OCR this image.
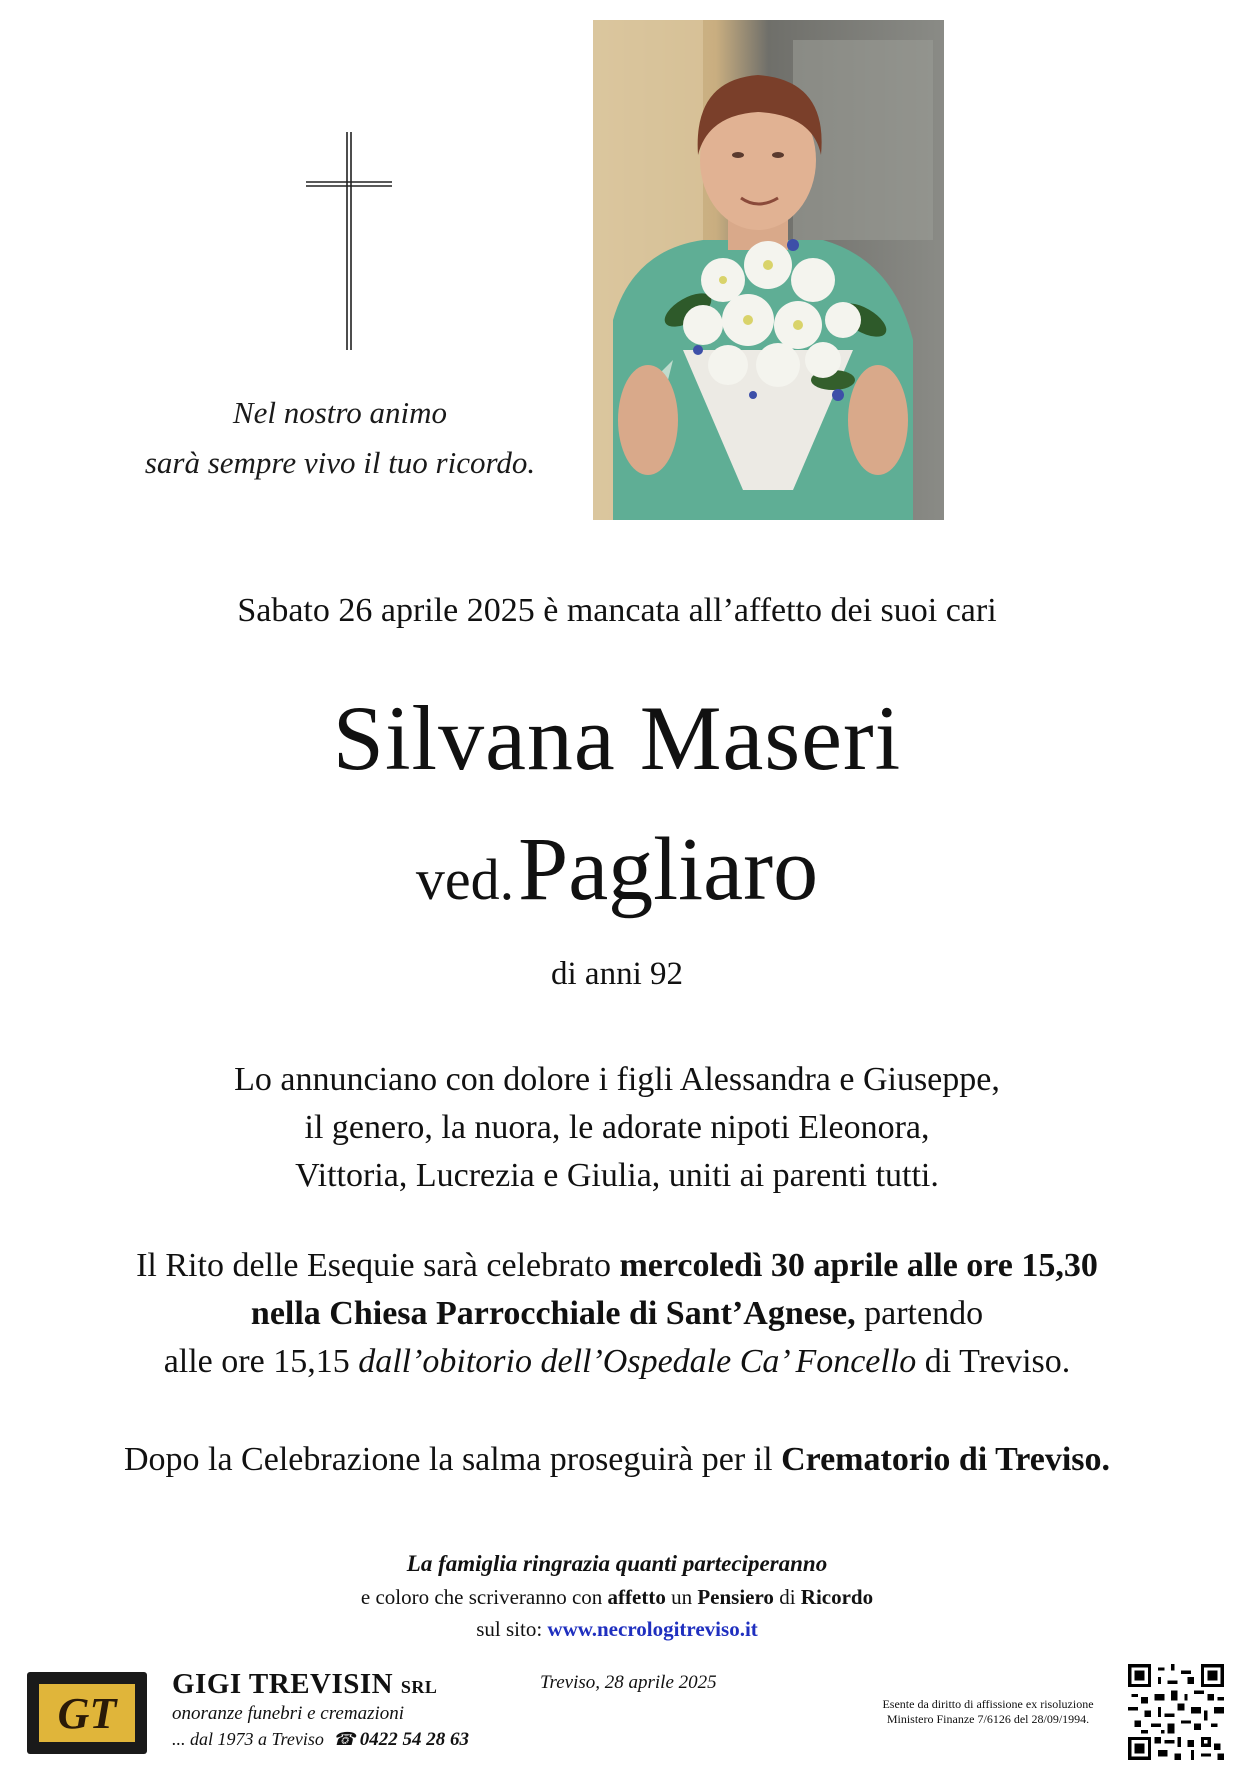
Nel nostro animo
sarà sempre vivo il tuo ricordo.
Sabato 26 aprile 2025 è mancata all’affetto dei suoi cari
Silvana Maseri
ved. Pagliaro
di anni 92
Lo annunciano con dolore i figli Alessandra e Giuseppe,
il genero, la nuora, le adorate nipoti Eleonora,
Vittoria, Lucrezia e Giulia, uniti ai parenti tutti.
Il Rito delle Esequie sarà celebrato mercoledì 30 aprile alle ore 15,30
nella Chiesa Parrocchiale di Sant’Agnese, partendo
alle ore 15,15 dall’obitorio dell’Ospedale Ca’ Foncello di Treviso.
Dopo la Celebrazione la salma proseguirà per il Crematorio di Treviso.
La famiglia ringrazia quanti parteciperanno
e coloro che scriveranno con affetto un Pensiero di Ricordo
sul sito: www.necrologitreviso.it
GT
GIGI TREVISIN SRL
onoranze funebri e cremazioni
... dal 1973 a Treviso ☎ 0422 54 28 63
Treviso, 28 aprile 2025
Esente da diritto di affissione ex risoluzione
Ministero Finanze 7/6126 del 28/09/1994.
